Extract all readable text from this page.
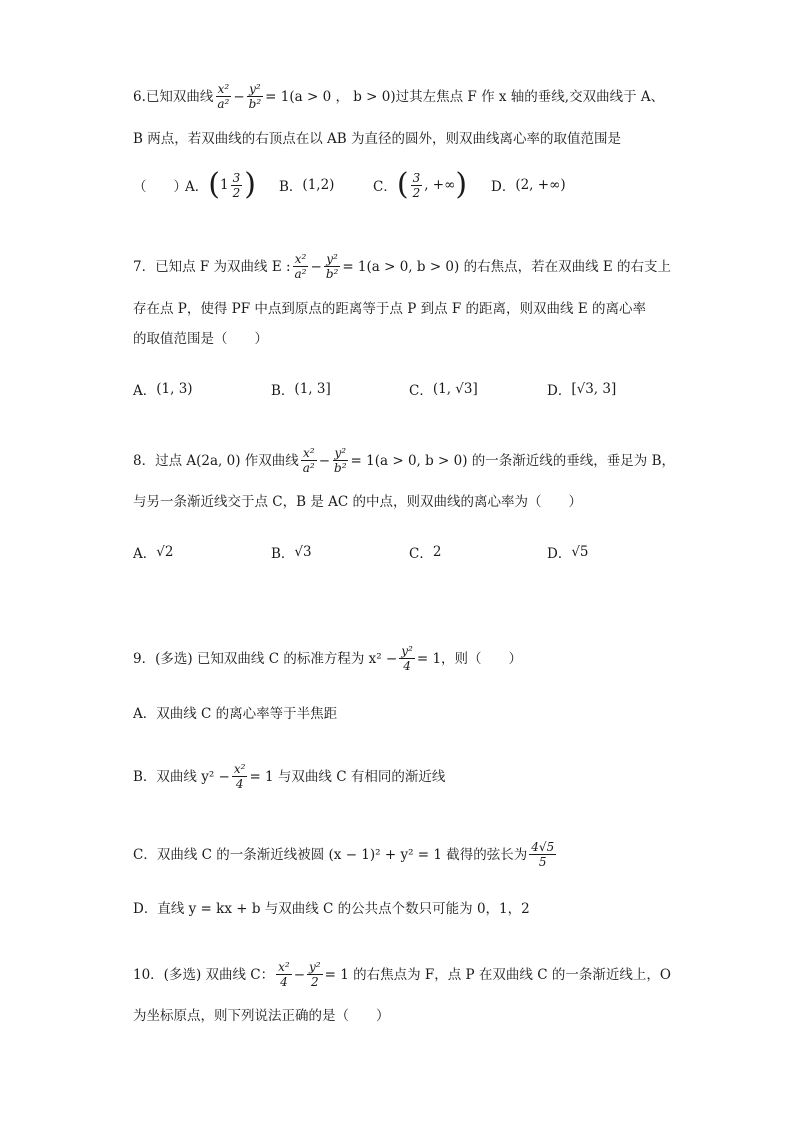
6.已知双曲线 $\frac{\text{x²}}{\text{a²}} - \frac{\text{y²}}{\text{b²}} = 1(a > 0$ ， b > 0)过其左焦点 F 作 x 轴的垂线,交双曲线于 A、
B 两点，若双曲线的右顶点在以 AB 为直径的圆外，则双曲线离心率的取值范围是
（　　）
A． ( $1 \frac{3}{2}$ ) B． (1,2)	C． ( $\frac{3}{2}$ , +∞ ) D． (2, +∞)
7．已知点 F 为双曲线 E : $\frac{\text{x²}}{\text{a²}} - \frac{\text{y²}}{\text{b²}} = 1(a > 0$, b > 0) 的右焦点，若在双曲线 E 的右支上
存在点 P，使得 PF 中点到原点的距离等于点 P 到点 F 的距离，则双曲线 E 的离心率
的取值范围是（　　）
A． (1, 3)	B． (1, 3]	C． (1, √3]	D． [√3, 3]
8．过点 A(2a, 0) 作双曲线 $\frac{\text{x²}}{\text{a²}} - \frac{\text{y²}}{\text{b²}} = 1(a > 0$, b > 0) 的一条渐近线的垂线，垂足为 B，
与另一条渐近线交于点 C，B 是 AC 的中点，则双曲线的离心率为（　　）
A． √2	B． √3	C． 2	D． √5
9．(多选) 已知双曲线 C 的标准方程为 $x^2 - \frac{\text{y²}}{4} = 1$，则（　　）
A．双曲线 C 的离心率等于半焦距
B．双曲线 $y^2 - \frac{\text{x²}}{4} = 1$ 与双曲线 C 有相同的渐近线
C．双曲线 C 的一条渐近线被圆 (x − 1)² + y² = 1 截得的弦长为 $\frac{4√5}{5}$
D．直线 y = kx + b 与双曲线 C 的公共点个数只可能为 0，1，2
10．(多选) 双曲线 C： $\frac{\text{x²}}{4} - \frac{\text{y²}}{2} = 1$ 的右焦点为 F，点 P 在双曲线 C 的一条渐近线上，O
为坐标原点，则下列说法正确的是（　　）
